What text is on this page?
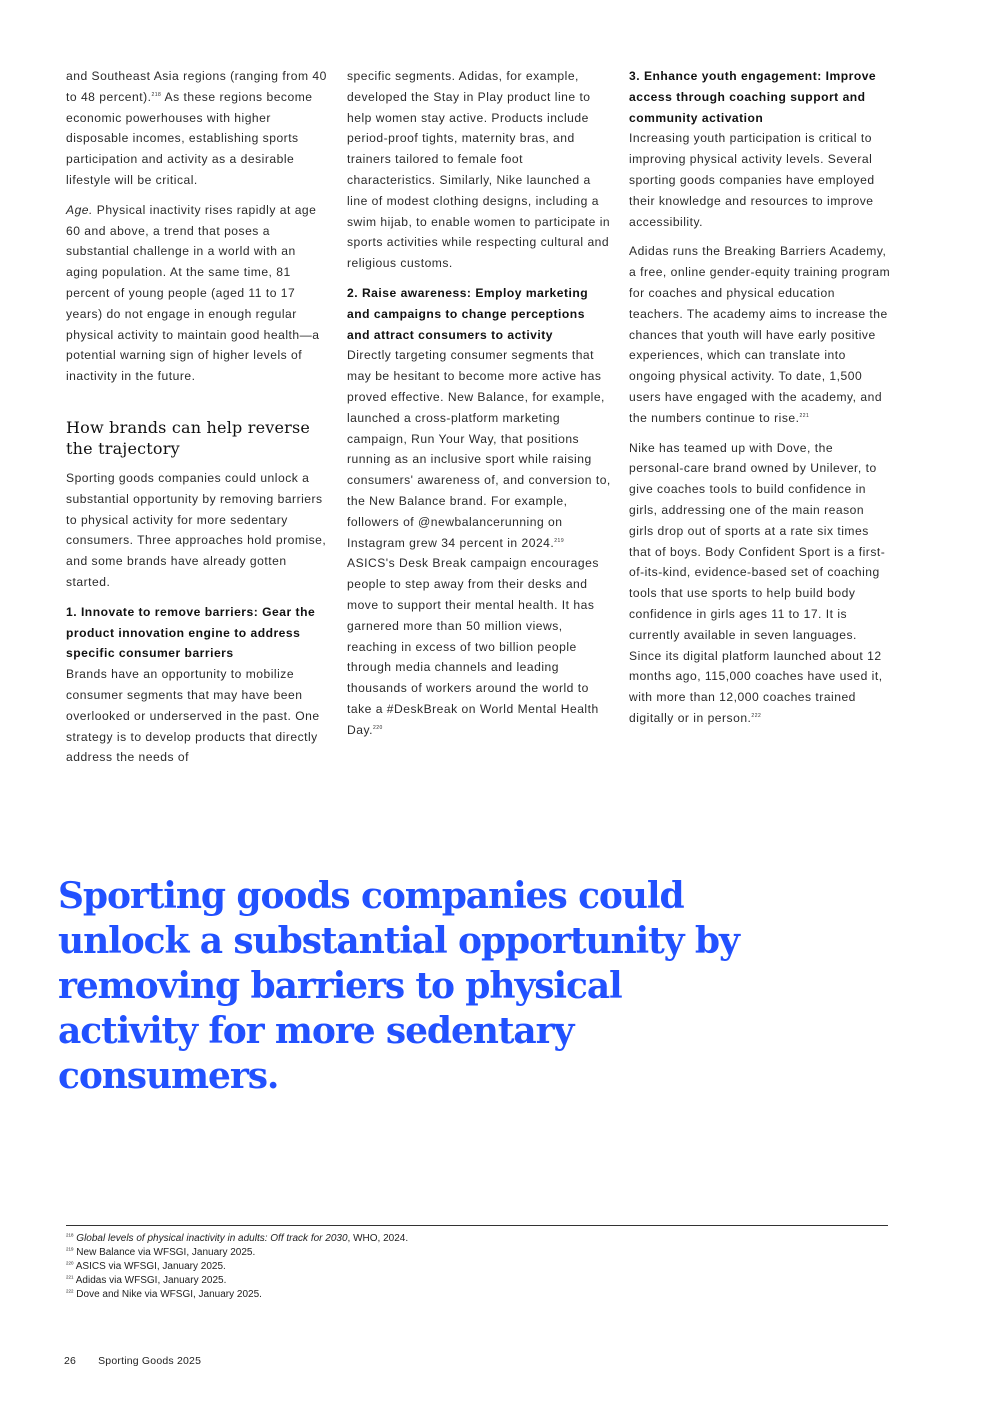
and Southeast Asia regions (ranging from 40 to 48 percent).$^{218}$ As these regions become economic powerhouses with higher disposable incomes, establishing sports participation and activity as a desirable lifestyle will be critical.

Age. Physical inactivity rises rapidly at age 60 and above, a trend that poses a substantial challenge in a world with an aging population. At the same time, 81 percent of young people (aged 11 to 17 years) do not engage in enough regular physical activity to maintain good health—a potential warning sign of higher levels of inactivity in the future.

How brands can help reverse the trajectory

Sporting goods companies could unlock a substantial opportunity by removing barriers to physical activity for more sedentary consumers. Three approaches hold promise, and some brands have already gotten started.

1. Innovate to remove barriers: Gear the product innovation engine to address specific consumer barriers
Brands have an opportunity to mobilize consumer segments that may have been overlooked or underserved in the past. One strategy is to develop products that directly address the needs of

specific segments. Adidas, for example, developed the Stay in Play product line to help women stay active. Products include period-proof tights, maternity bras, and trainers tailored to female foot characteristics. Similarly, Nike launched a line of modest clothing designs, including a swim hijab, to enable women to participate in sports activities while respecting cultural and religious customs.

2. Raise awareness: Employ marketing and campaigns to change perceptions and attract consumers to activity
Directly targeting consumer segments that may be hesitant to become more active has proved effective. New Balance, for example, launched a cross-platform marketing campaign, Run Your Way, that positions running as an inclusive sport while raising consumers' awareness of, and conversion to, the New Balance brand. For example, followers of @newbalancerunning on Instagram grew 34 percent in 2024.$^{219}$ ASICS's Desk Break campaign encourages people to step away from their desks and move to support their mental health. It has garnered more than 50 million views, reaching in excess of two billion people through media channels and leading thousands of workers around the world to take a #DeskBreak on World Mental Health Day.$^{220}$

3. Enhance youth engagement: Improve access through coaching support and community activation
Increasing youth participation is critical to improving physical activity levels. Several sporting goods companies have employed their knowledge and resources to improve accessibility.

Adidas runs the Breaking Barriers Academy, a free, online gender-equity training program for coaches and physical education teachers. The academy aims to increase the chances that youth will have early positive experiences, which can translate into ongoing physical activity. To date, 1,500 users have engaged with the academy, and the numbers continue to rise.$^{221}$

Nike has teamed up with Dove, the personal-care brand owned by Unilever, to give coaches tools to build confidence in girls, addressing one of the main reason girls drop out of sports at a rate six times that of boys. Body Confident Sport is a first-of-its-kind, evidence-based set of coaching tools that use sports to help build body confidence in girls ages 11 to 17. It is currently available in seven languages. Since its digital platform launched about 12 months ago, 115,000 coaches have used it, with more than 12,000 coaches trained digitally or in person.$^{222}$

Sporting goods companies could unlock a substantial opportunity by removing barriers to physical activity for more sedentary consumers.

$^{218}$ Global levels of physical inactivity in adults: Off track for 2030, WHO, 2024.
$^{219}$ New Balance via WFSGI, January 2025.
$^{220}$ ASICS via WFSGI, January 2025.
$^{221}$ Adidas via WFSGI, January 2025.
$^{222}$ Dove and Nike via WFSGI, January 2025.
26 Sporting Goods 2025
